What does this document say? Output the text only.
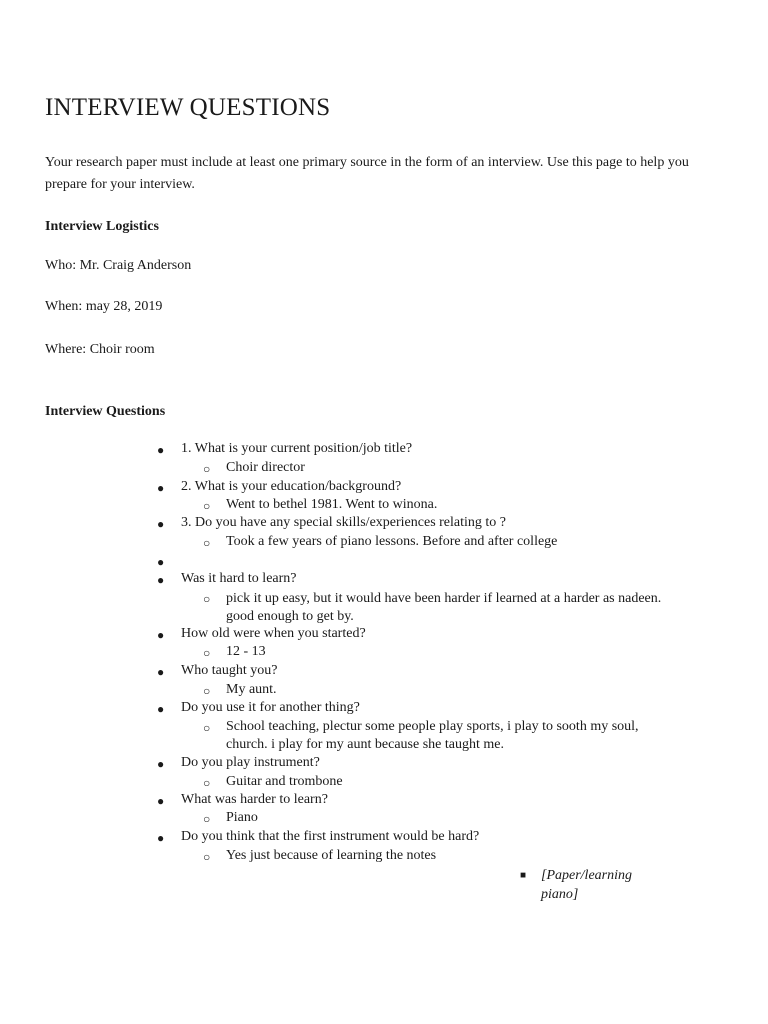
INTERVIEW QUESTIONS
Your research paper must include at least one primary source in the form of an interview. Use this page to help you prepare for your interview.
Interview Logistics
Who: Mr. Craig Anderson
When: may 28, 2019
Where: Choir room
Interview Questions
● 1. What is your current position/job title?
○ Choir director
● 2. What is your education/background?
○ Went to bethel 1981. Went to winona.
● 3. Do you have any special skills/experiences relating to ?
○ Took a few years of piano lessons. Before and after college
●
● Was it hard to learn?
○ pick it up easy, but it would have been harder if learned at a harder as nadeen. good enough to get by.
● How old were when you started?
○ 12 - 13
● Who taught you?
○ My aunt.
● Do you use it for another thing?
○ School teaching, plectur some people play sports, i play to sooth my soul, church. i play for my aunt because she taught me.
● Do you play instrument?
○ Guitar and trombone
● What was harder to learn?
○ Piano
● Do you think that the first instrument would be hard?
○ Yes just because of learning the notes
■ [Paper/learning piano]
